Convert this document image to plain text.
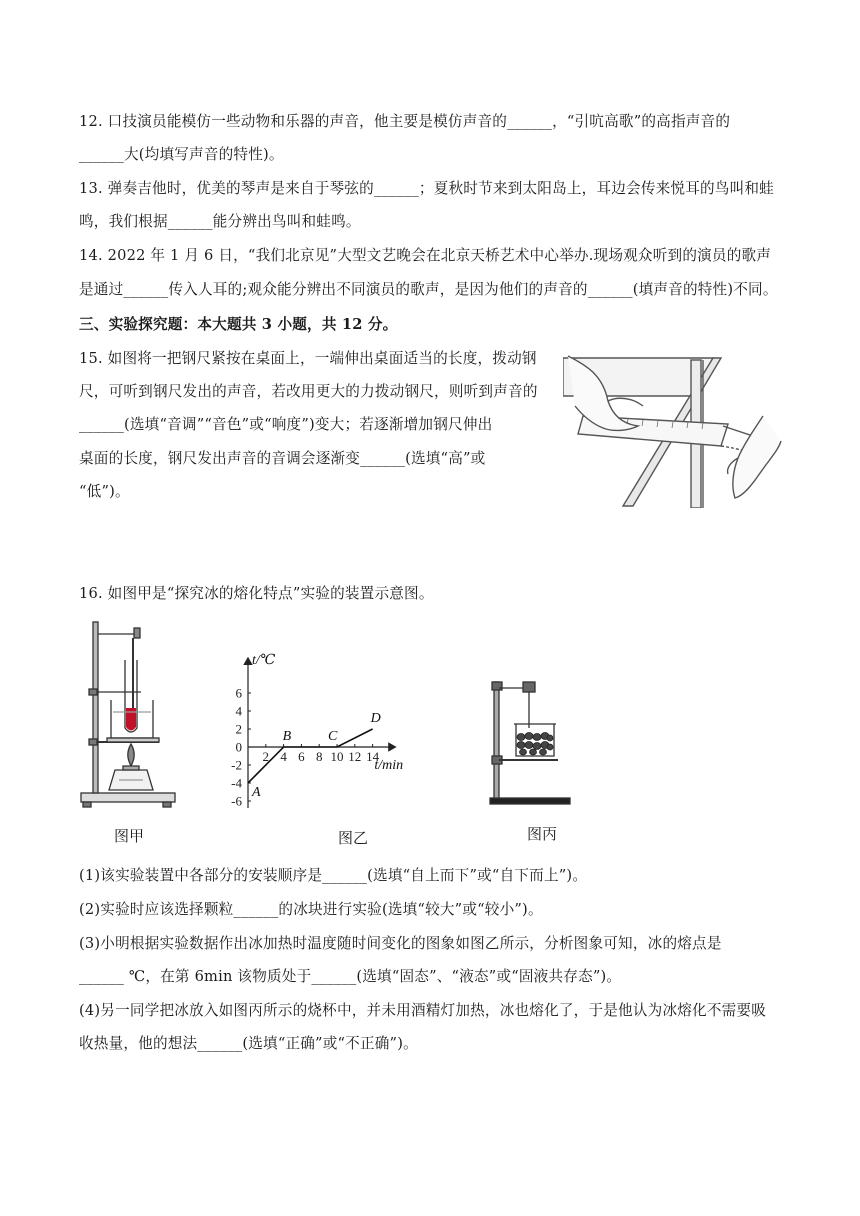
12. 口技演员能模仿一些动物和乐器的声音，他主要是模仿声音的______，“引吭高歌”的高指声音的
______大(均填写声音的特性)。
13. 弹奏吉他时，优美的琴声是来自于琴弦的______；夏秋时节来到太阳岛上，耳边会传来悦耳的鸟叫和蛙
鸣，我们根据______能分辨出鸟叫和蛙鸣。
14. 2022 年 1 月 6 日，“我们北京见”大型文艺晚会在北京天桥艺术中心举办.现场观众听到的演员的歌声
是通过______传入人耳的;观众能分辨出不同演员的歌声，是因为他们的声音的______(填声音的特性)不同。
三、实验探究题：本大题共 3 小题，共 12 分。
15. 如图将一把钢尺紧按在桌面上，一端伸出桌面适当的长度，拨动钢
尺，可听到钢尺发出的声音，若改用更大的力拨动钢尺，则听到声音的
______(选填“音调”“音色”或“响度”)变大；若逐渐增加钢尺伸出
桌面的长度，钢尺发出声音的音调会逐渐变______(选填“高”或
“低”)。
16. 如图甲是“探究冰的熔化特点”实验的装置示意图。
图甲
2 4 6 8 10 12 14
6
4
2
0
-2
-4
-6
A
B	C
D
t/℃
t/min
图乙	图丙
(1)该实验装置中各部分的安装顺序是______(选填“自上而下”或“自下而上”)。
(2)实验时应该选择颗粒______的冰块进行实验(选填“较大”或“较小”)。
(3)小明根据实验数据作出冰加热时温度随时间变化的图象如图乙所示，分析图象可知，冰的熔点是
______ ℃，在第 6min 该物质处于______(选填“固态”、“液态”或“固液共存态”)。
(4)另一同学把冰放入如图丙所示的烧杯中，并未用酒精灯加热，冰也熔化了，于是他认为冰熔化不需要吸
收热量，他的想法______(选填“正确”或“不正确”)。
